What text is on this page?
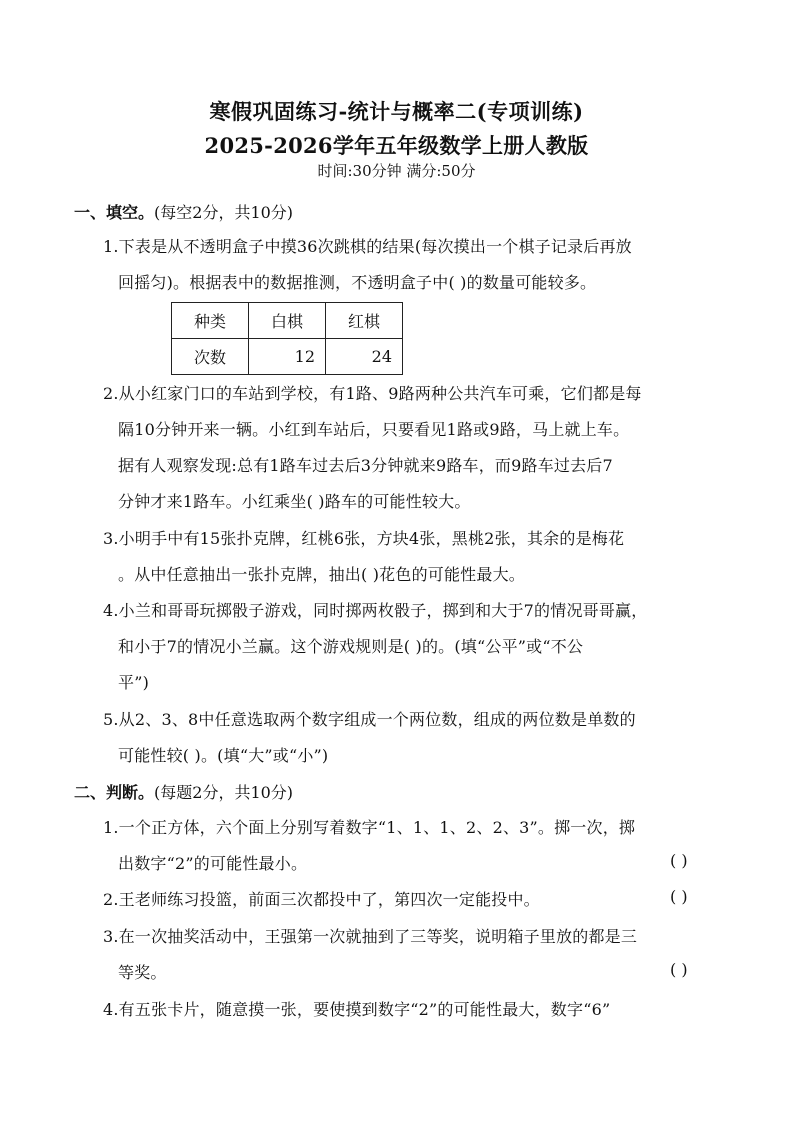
寒假巩固练习-统计与概率二(专项训练)
2025-2026学年五年级数学上册人教版
时间:30分钟 满分:50分
一、填空。(每空2分，共10分)
1.下表是从不透明盒子中摸36次跳棋的结果(每次摸出一个棋子记录后再放
回摇匀)。根据表中的数据推测，不透明盒子中( )的数量可能较多。
种类	白棋	红棋
次数	12	24
2.从小红家门口的车站到学校，有1路、9路两种公共汽车可乘，它们都是每
隔10分钟开来一辆。小红到车站后，只要看见1路或9路，马上就上车。
据有人观察发现:总有1路车过去后3分钟就来9路车，而9路车过去后7
分钟才来1路车。小红乘坐( )路车的可能性较大。
3.小明手中有15张扑克牌，红桃6张，方块4张，黑桃2张，其余的是梅花
。从中任意抽出一张扑克牌，抽出( )花色的可能性最大。
4.小兰和哥哥玩掷骰子游戏，同时掷两枚骰子，掷到和大于7的情况哥哥赢，
和小于7的情况小兰赢。这个游戏规则是( )的。(填“公平”或“不公
平”)
5.从2、3、8中任意选取两个数字组成一个两位数，组成的两位数是单数的
可能性较( )。(填“大”或“小”)
二、判断。(每题2分，共10分)
1.一个正方体，六个面上分别写着数字“1、1、1、2、2、3”。掷一次，掷
出数字“2”的可能性最小。	( )
2.王老师练习投篮，前面三次都投中了，第四次一定能投中。	( )
3.在一次抽奖活动中，王强第一次就抽到了三等奖，说明箱子里放的都是三
等奖。	( )
4.有五张卡片，随意摸一张，要使摸到数字“2”的可能性最大，数字“6”
